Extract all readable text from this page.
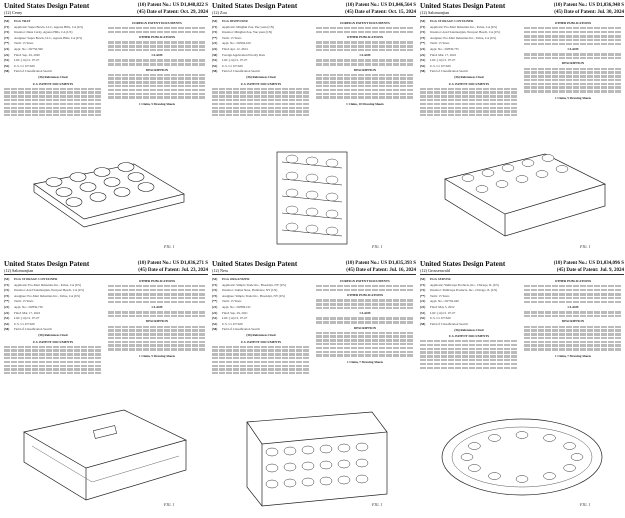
United States Design Patent
(12) Cerny
(10) Patent No.: US D1,048,822 S
(45) Date of Patent: Oct. 29, 2024
(54)	EGG TRAY
(71)	Applicant: Supra Bowls, LLC, Agoura Hills, CA (US)
(72)	Inventor: Dana Cerny, Agoura Hills, CA (US)
(73)	Assignee: Supra Bowls, LLC, Agoura Hills, CA (US)
(**)	Term: 15 Years
(21)	Appl. No.: 29/750,590
(22)	Filed: Sep. 29, 2020
(51)	LOC (14) Cl. 07-07
(52)	U.S. Cl. D7/629
(58)	Field of Classification Search
(56) References Cited
U.S. PATENT DOCUMENTS
FOREIGN PATENT DOCUMENTS
OTHER PUBLICATIONS
CLAIM
DESCRIPTION
1 Claim, 5 Drawing Sheets
FIG. 1
United States Design Patent
(12) Zou
(10) Patent No.: US D1,046,564 S
(45) Date of Patent: Oct. 15, 2024
(54)	EGG DISPENSER
(71)	Applicant: Minghui Zou, Yue yuan (CN)
(72)	Inventor: Minghui Zou, Yue yuan (CN)
(**)	Term: 15 Years
(21)	Appl. No.: 29/904,610
(22)	Filed: Apr. 12, 2024
(30)	Foreign Application Priority Data
(51)	LOC (14) Cl. 07-07
(52)	U.S. Cl. D7/629
(58)	Field of Classification Search
(56) References Cited
U.S. PATENT DOCUMENTS
FOREIGN PATENT DOCUMENTS
OTHER PUBLICATIONS
CLAIM
DESCRIPTION
1 Claim, 10 Drawing Sheets
FIG. 1
United States Design Patent
(12) Salomonjian
(10) Patent No.: US D1,036,948 S
(45) Date of Patent: Jul. 30, 2024
(54)	EGG STORAGE CONTAINER
(71)	Applicant: Pro-Mart Industries Inc., Irvine, CA (US)
(72)	Inventor: Arad Salomonjian, Newport Beach, CA (US)
(73)	Assignee: Pro-Mart Industries Inc., Irvine, CA (US)
(**)	Term: 15 Years
(21)	Appl. No.: 29/830,735
(22)	Filed: Mar. 17, 2022
(51)	LOC (14) Cl. 07-07
(52)	U.S. Cl. D7/629
(58)	Field of Classification Search
(56) References Cited
U.S. PATENT DOCUMENTS
OTHER PUBLICATIONS
CLAIM
DESCRIPTION
1 Claim, 5 Drawing Sheets
FIG. 1
United States Design Patent
(12) Salomonjian
(10) Patent No.: US D1,036,271 S
(45) Date of Patent: Jul. 23, 2024
(54)	EGG STORAGE CONTAINER
(71)	Applicant: Pro-Mart Industries Inc., Irvine, CA (US)
(72)	Inventor: Arad Salomonjian, Newport Beach, CA (US)
(73)	Assignee: Pro-Mart Industries Inc., Irvine, CA (US)
(**)	Term: 15 Years
(21)	Appl. No.: 29/830,736
(22)	Filed: Mar. 17, 2022
(51)	LOC (14) Cl. 07-07
(52)	U.S. Cl. D7/629
(58)	Field of Classification Search
(56) References Cited
U.S. PATENT DOCUMENTS
OTHER PUBLICATIONS
CLAIM
DESCRIPTION
1 Claim, 5 Drawing Sheets
FIG. 1
United States Design Patent
(12) Ness
(10) Patent No.: US D1,035,393 S
(45) Date of Patent: Jul. 16, 2024
(54)	EGG ORGANIZER
(71)	Applicant: Simplo Trade Inc., Brooklyn, NY (US)
(72)	Inventor: Joshua Ness, Plainview, NY (US)
(73)	Assignee: Simplo Trade Inc., Brooklyn, NY (US)
(**)	Term: 15 Years
(21)	Appl. No.: 29/809,161
(22)	Filed: Sep. 29, 2021
(51)	LOC (14) Cl. 07-07
(52)	U.S. Cl. D7/629
(58)	Field of Classification Search
(56) References Cited
U.S. PATENT DOCUMENTS
FOREIGN PATENT DOCUMENTS
OTHER PUBLICATIONS
CLAIM
DESCRIPTION
1 Claim, 7 Drawing Sheets
FIG. 1
United States Design Patent
(12) Grossenwald
(10) Patent No.: US D1,034,096 S
(45) Date of Patent: Jul. 9, 2024
(54)	EGG SERVER
(71)	Applicant: YumCupa Products, Inc., Chicago, IL (US)
(72)	Inventor: YumCupa Products, Inc., Chicago, IL (US)
(**)	Term: 15 Years
(21)	Appl. No.: 29/792,040
(22)	Filed: May 5, 2022
(51)	LOC (14) Cl. 07-07
(52)	U.S. Cl. D7/629
(58)	Field of Classification Search
(56) References Cited
U.S. PATENT DOCUMENTS
OTHER PUBLICATIONS
CLAIM
DESCRIPTION
1 Claim, 7 Drawing Sheets
FIG. 1
